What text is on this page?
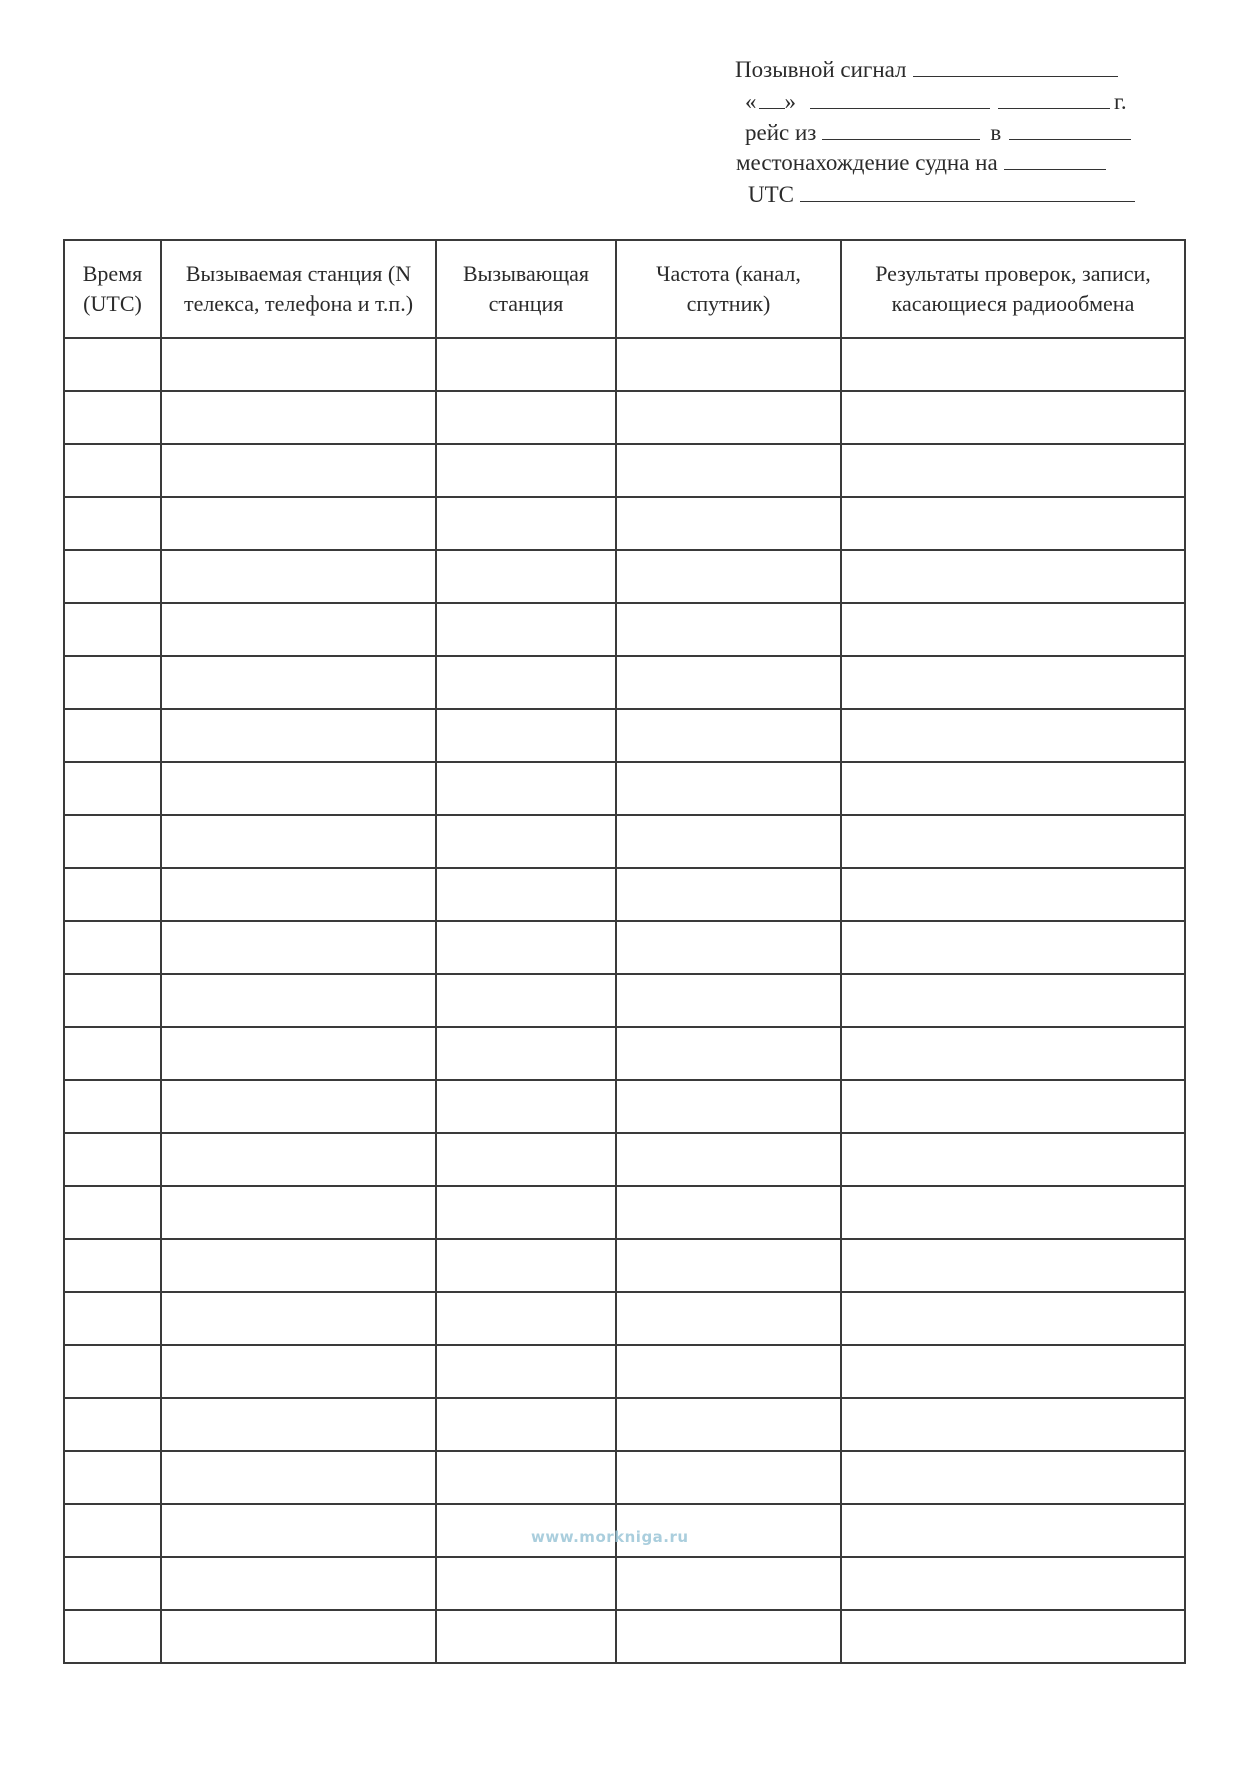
Позывной сигнал
« »	г.
рейс из	в
местонахождение судна на
UTC
Время (UTC)	Вызываемая станция (N телекса, телефона и т.п.)	Вызывающая станция	Частота (канал, спутник)	Результаты проверок, записи, касающиеся радиообмена

www.morkniga.ru
